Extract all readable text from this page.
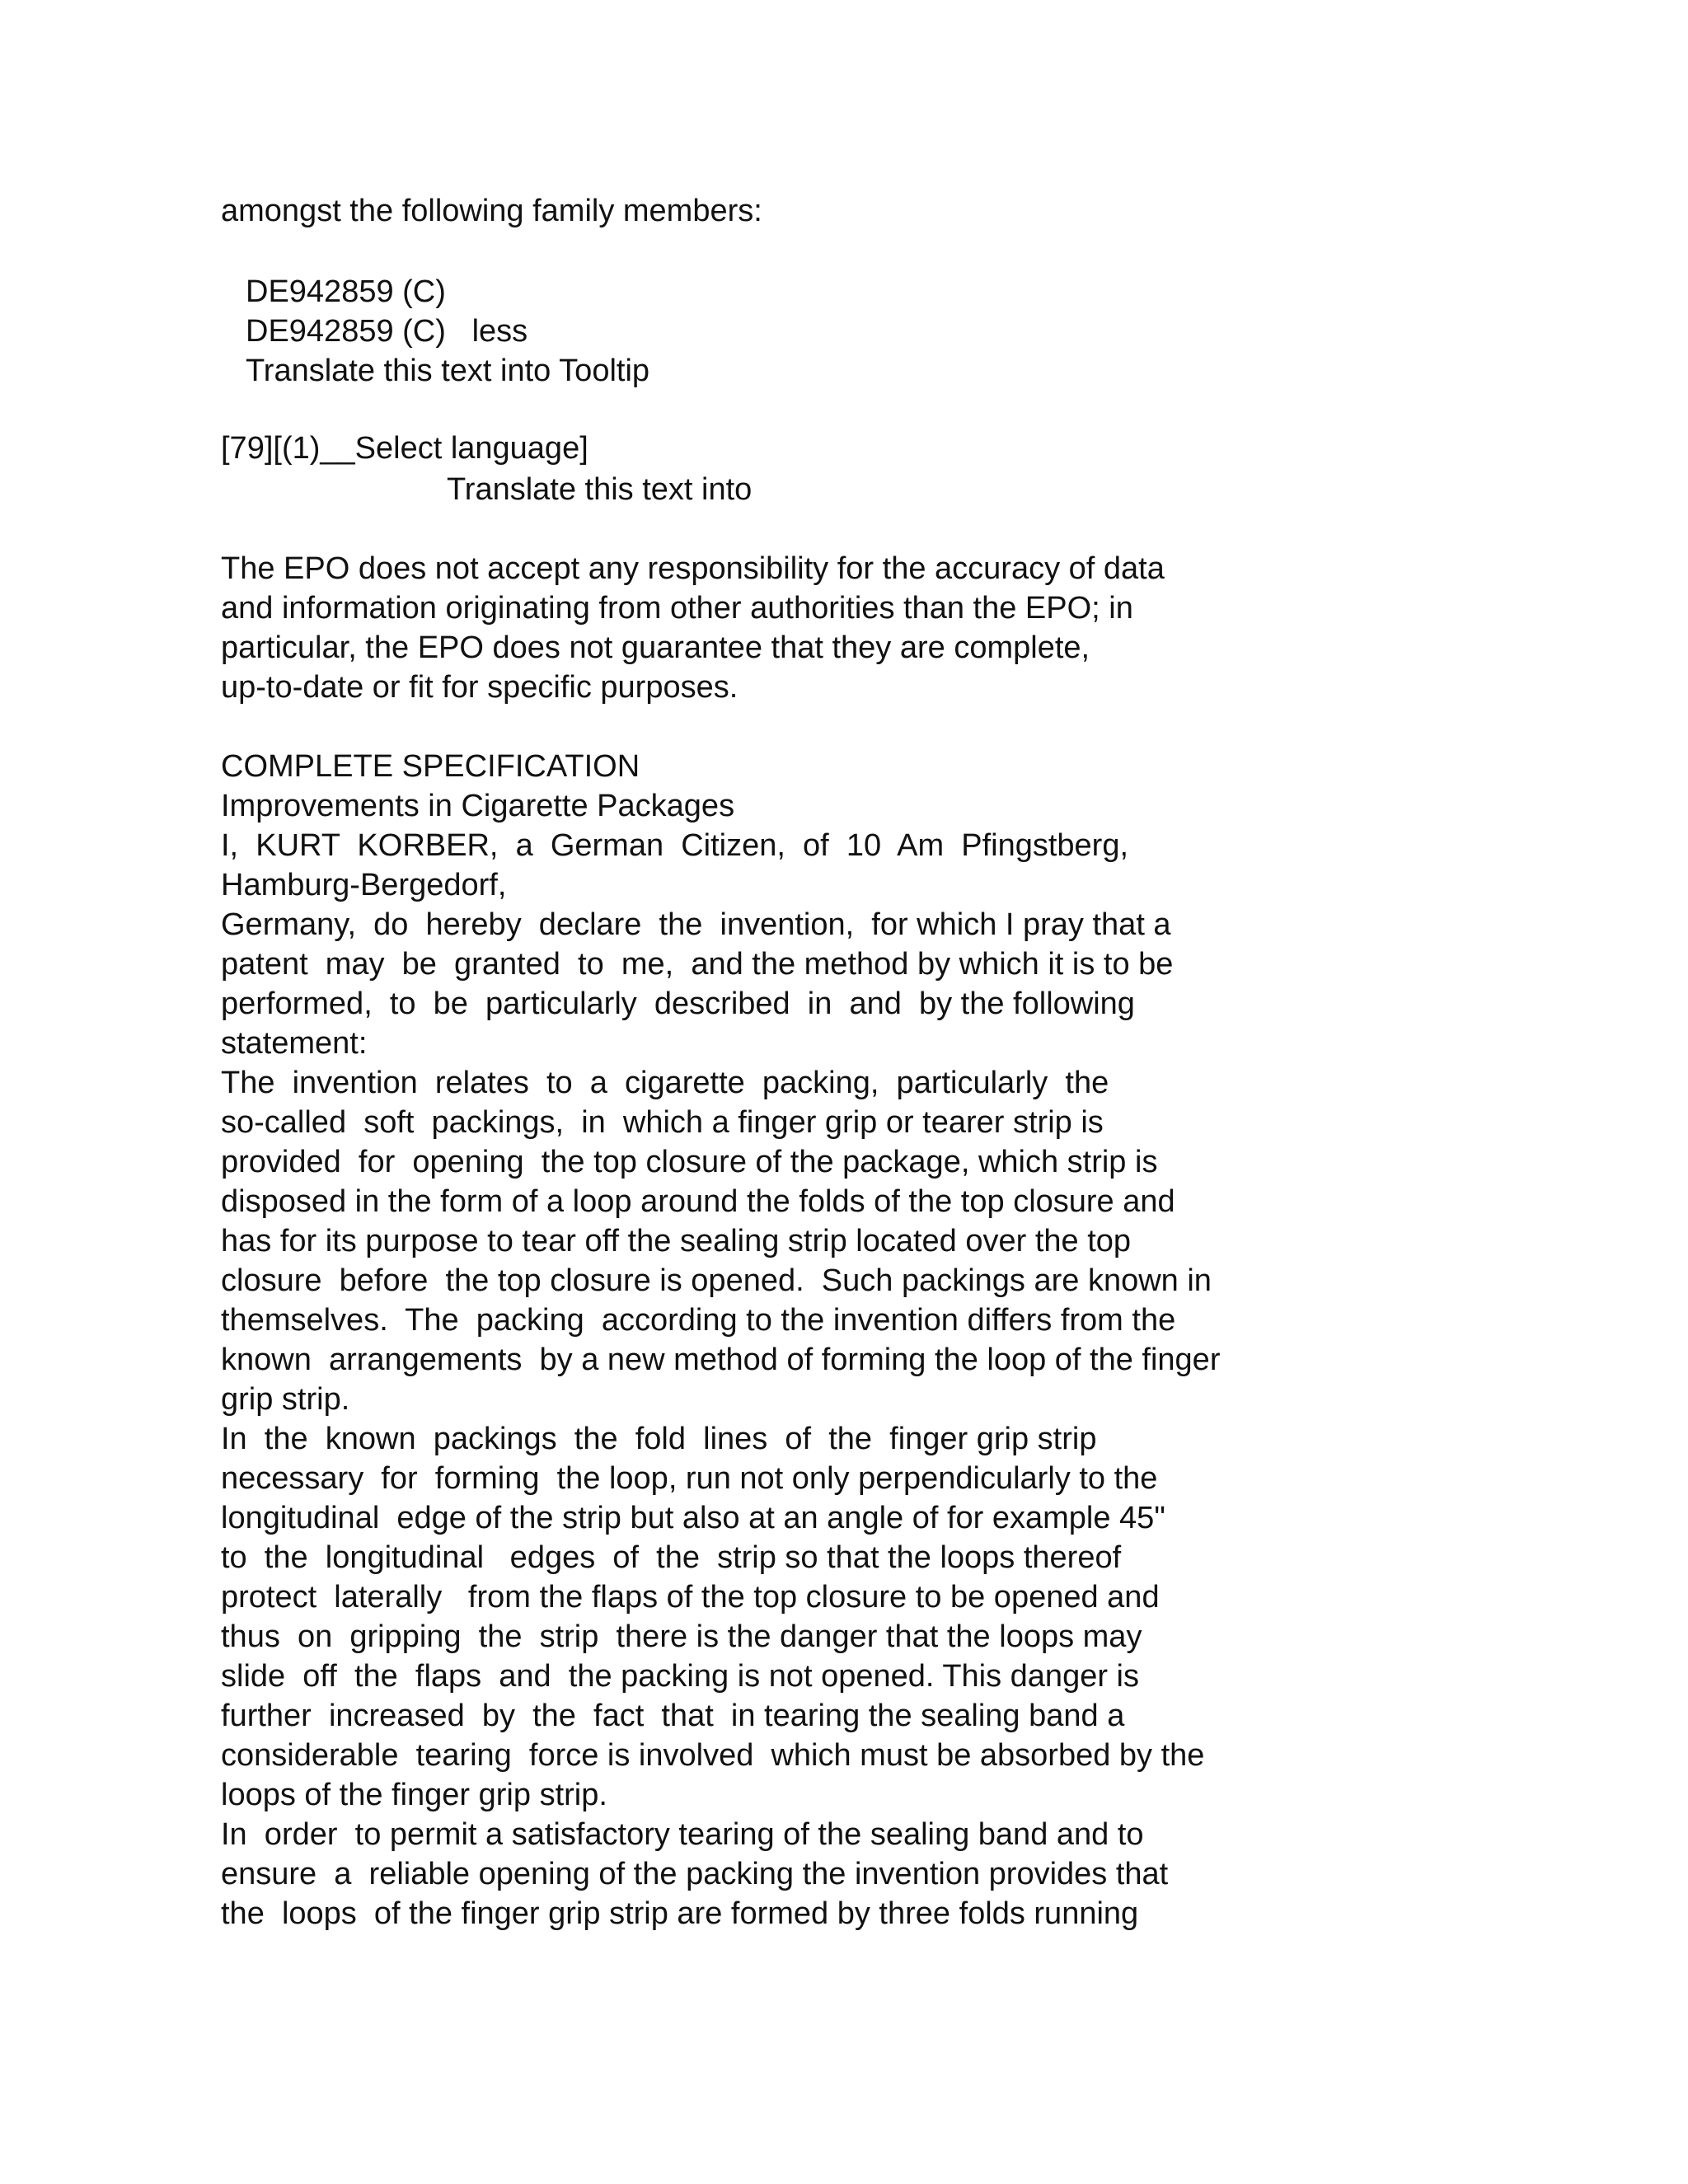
amongst the following family members:
DE942859 (C)
DE942859 (C)   less
Translate this text into Tooltip
[79][(1)__Select language]
Translate this text into
The EPO does not accept any responsibility for the accuracy of data
and information originating from other authorities than the EPO; in
particular, the EPO does not guarantee that they are complete,
up-to-date or fit for specific purposes.
COMPLETE SPECIFICATION
Improvements in Cigarette Packages
I,  KURT  KORBER,  a  German  Citizen,  of  10  Am  Pfingstberg,
Hamburg-Bergedorf,
Germany,  do  hereby  declare  the  invention,  for which I pray that a
patent  may  be  granted  to  me,  and the method by which it is to be
performed,  to  be  particularly  described  in  and  by the following
statement:
The  invention  relates  to  a  cigarette  packing,  particularly  the
so-called  soft  packings,  in  which a finger grip or tearer strip is
provided  for  opening  the top closure of the package, which strip is
disposed in the form of a loop around the folds of the top closure and
has for its purpose to tear off the sealing strip located over the top
closure  before  the top closure is opened.  Such packings are known in
themselves.  The  packing  according to the invention differs from the
known  arrangements  by a new method of forming the loop of the finger
grip strip.
In  the  known  packings  the  fold  lines  of  the  finger grip strip
necessary  for  forming  the loop, run not only perpendicularly to the
longitudinal  edge of the strip but also at an angle of for example 45"
to  the  longitudinal   edges  of  the  strip so that the loops thereof
protect  laterally   from the flaps of the top closure to be opened and
thus  on  gripping  the  strip  there is the danger that the loops may
slide  off  the  flaps  and  the packing is not opened. This danger is
further  increased  by  the  fact  that  in tearing the sealing band a
considerable  tearing  force is involved  which must be absorbed by the
loops of the finger grip strip.
In  order  to permit a satisfactory tearing of the sealing band and to
ensure  a  reliable opening of the packing the invention provides that
the  loops  of the finger grip strip are formed by three folds running
